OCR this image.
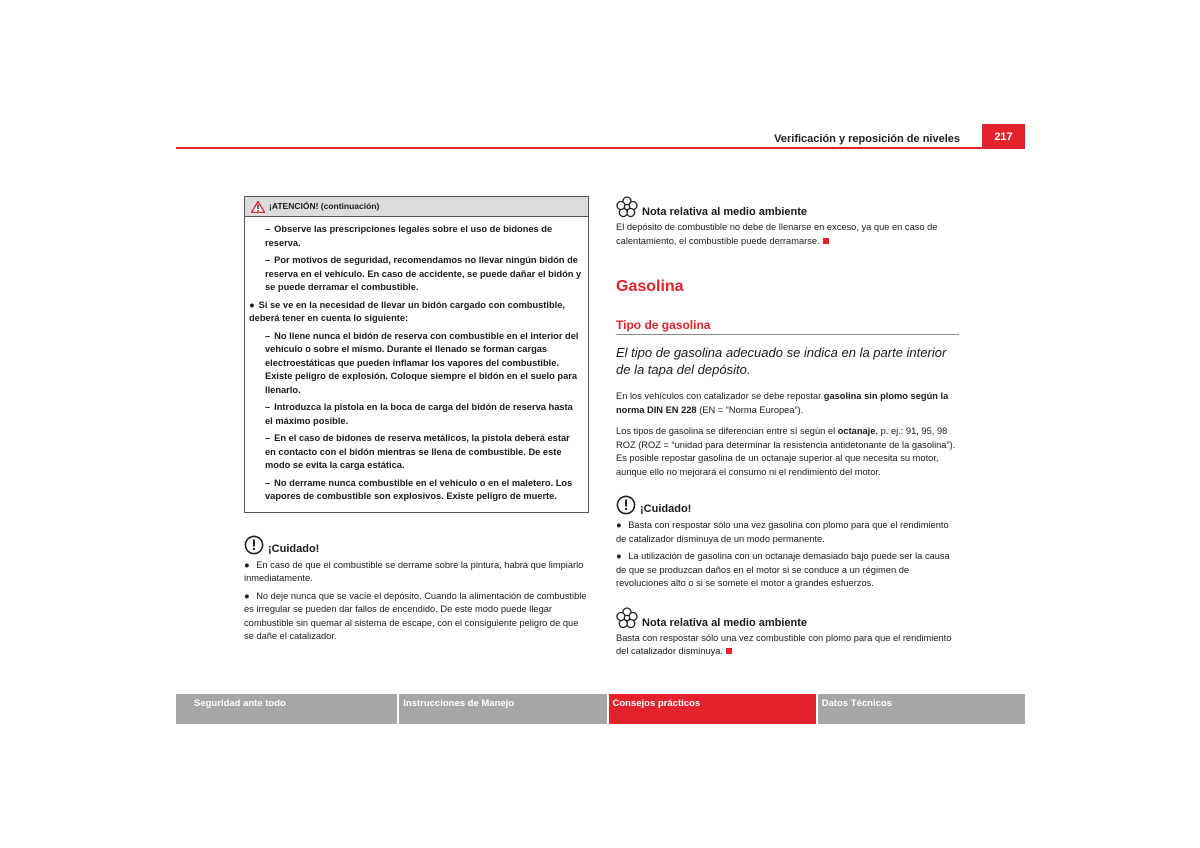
Verificación y reposición de niveles	217
¡ATENCIÓN! (continuación)

– Observe las prescripciones legales sobre el uso de bidones de reserva.

– Por motivos de seguridad, recomendamos no llevar ningún bidón de reserva en el vehículo. En caso de accidente, se puede dañar el bidón y se puede derramar el combustible.

● Si se ve en la necesidad de llevar un bidón cargado con combustible, deberá tener en cuenta lo siguiente:

– No llene nunca el bidón de reserva con combustible en el interior del vehículo o sobre el mismo. Durante el llenado se forman cargas electroestáticas que pueden inflamar los vapores del combustible. Existe peligro de explosión. Coloque siempre el bidón en el suelo para llenarlo.

– Introduzca la pistola en la boca de carga del bidón de reserva hasta el máximo posible.

– En el caso de bidones de reserva metálicos, la pistola deberá estar en contacto con el bidón mientras se llena de combustible. De este modo se evita la carga estática.

– No derrame nunca combustible en el vehículo o en el maletero. Los vapores de combustible son explosivos. Existe peligro de muerte.

¡Cuidado!

● En caso de que el combustible se derrame sobre la pintura, habrá que limpiarlo inmediatamente.

● No deje nunca que se vacíe el depósito. Cuando la alimentación de combustible es irregular se pueden dar fallos de encendido. De este modo puede llegar combustible sin quemar al sistema de escape, con el consiguiente peligro de que se dañe el catalizador.

Nota relativa al medio ambiente

El depósito de combustible no debe de llenarse en exceso, ya que en caso de calentamiento, el combustible puede derramarse.

Gasolina
Tipo de gasolina

El tipo de gasolina adecuado se indica en la parte interior de la tapa del depósito.

En los vehículos con catalizador se debe repostar gasolina sin plomo según la norma DIN EN 228 (EN = “Norma Europea”).

Los tipos de gasolina se diferencian entre sí según el octanaje, p. ej.: 91, 95, 98 ROZ (ROZ = “unidad para determinar la resistencia antidetonante de la gasolina”). Es posible repostar gasolina de un octanaje superior al que necesita su motor, aunque ello no mejorará el consumo ni el rendimiento del motor.

¡Cuidado!

● Basta con respostar sólo una vez gasolina con plomo para que el rendimiento de catalizador disminuya de un modo permanente.

● La utilización de gasolina con un octanaje demasiado bajo puede ser la causa de que se produzcan daños en el motor si se conduce a un régimen de revoluciones alto o si se somete el motor a grandes esfuerzos.

Nota relativa al medio ambiente

Basta con respostar sólo una vez combustible con plomo para que el rendimiento del catalizador disminuya.

Seguridad ante todo	Instrucciones de Manejo	Consejos prácticos	Datos Técnicos
